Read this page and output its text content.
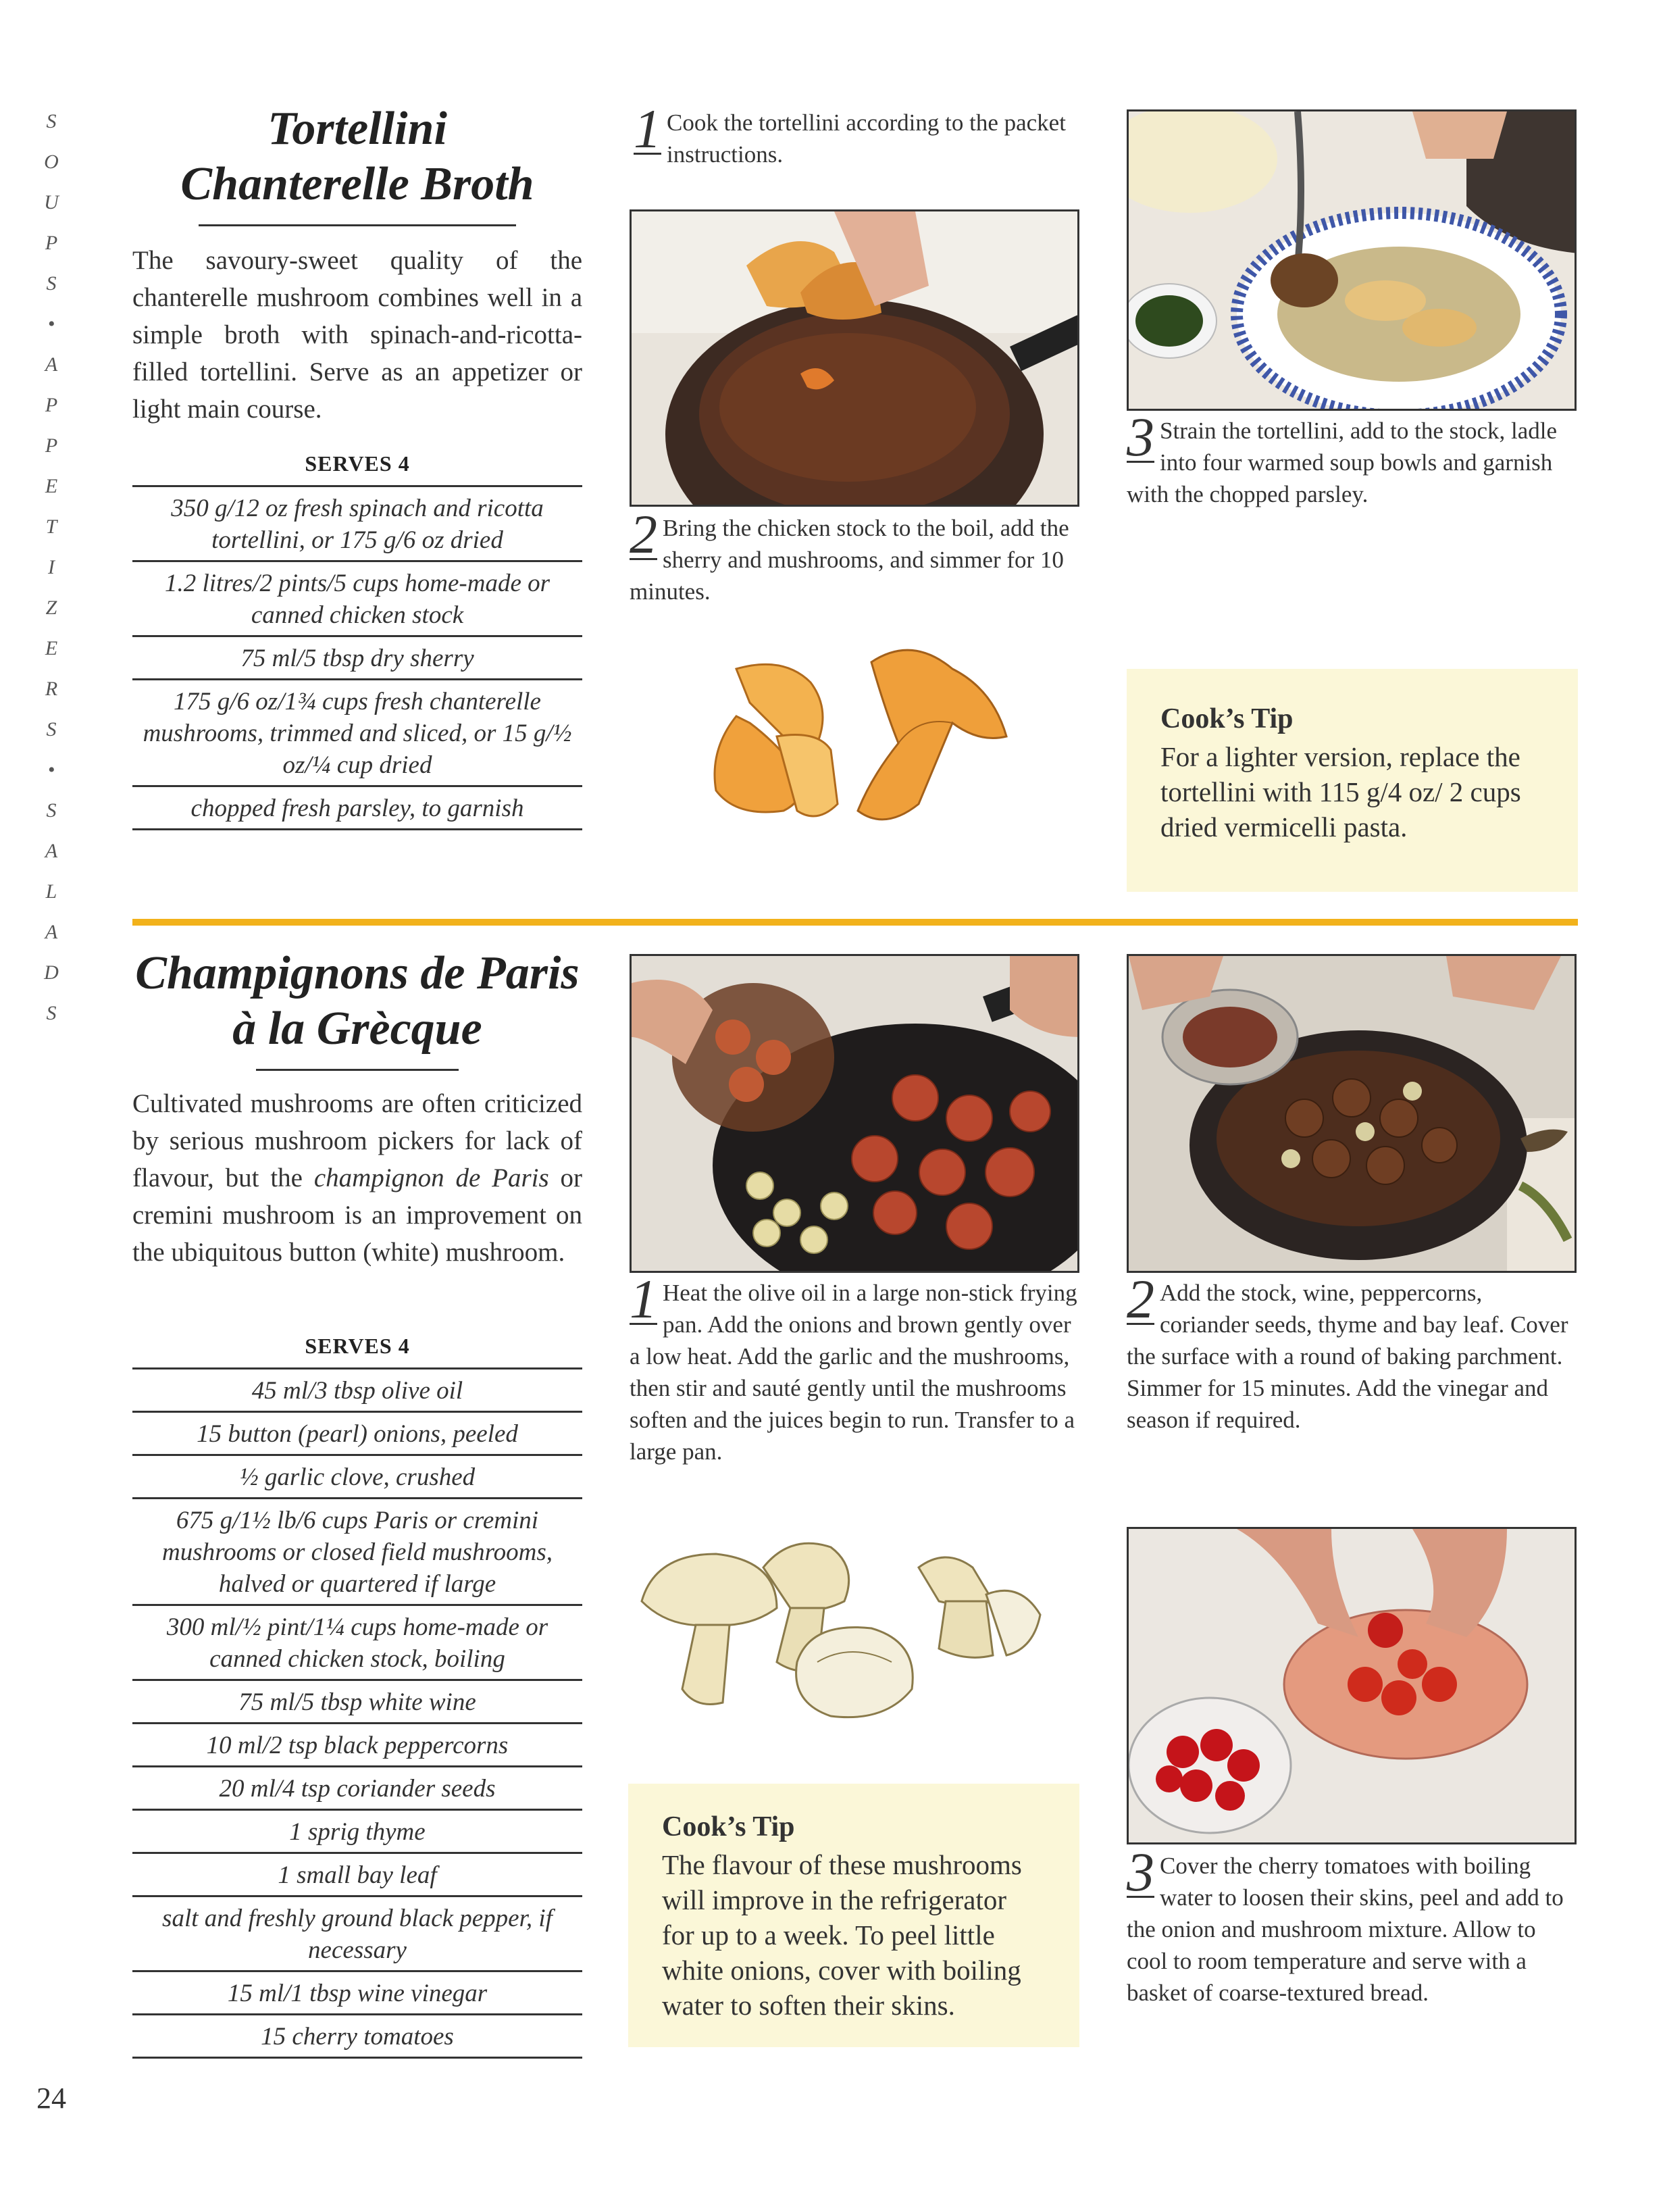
S
O
U
P
S
•
A
P
P
E
T
I
Z
E
R
S
•
S
A
L
A
D
S
Tortellini
Chanterelle Broth

The savoury-sweet quality of the chanterelle mushroom combines well in a simple broth with spinach-and-ricotta-filled tortellini. Serve as an appetizer or light main course.

SERVES 4
350 g/12 oz fresh spinach and ricotta tortellini, or 175 g/6 oz dried
1.2 litres/2 pints/5 cups home-made or canned chicken stock
75 ml/5 tbsp dry sherry
175 g/6 oz/1¾ cups fresh chanterelle mushrooms, trimmed and sliced, or 15 g/½ oz/¼ cup dried
chopped fresh parsley, to garnish
1 Cook the tortellini according to the packet instructions.
2 Bring the chicken stock to the boil, add the sherry and mushrooms, and simmer for 10 minutes.
3 Strain the tortellini, add to the stock, ladle into four warmed soup bowls and garnish with the chopped parsley.
Cook’s Tip

For a lighter version, replace the tortellini with 115 g/4 oz/ 2 cups dried vermicelli pasta.

Champignons de Paris
à la Grècque

Cultivated mushrooms are often criticized by serious mushroom pickers for lack of flavour, but the champignon de Paris or cremini mushroom is an improvement on the ubiquitous button (white) mushroom.

SERVES 4
45 ml/3 tbsp olive oil
15 button (pearl) onions, peeled
½ garlic clove, crushed
675 g/1½ lb/6 cups Paris or cremini mushrooms or closed field mushrooms, halved or quartered if large
300 ml/½ pint/1¼ cups home-made or canned chicken stock, boiling
75 ml/5 tbsp white wine
10 ml/2 tsp black peppercorns
20 ml/4 tsp coriander seeds
1 sprig thyme
1 small bay leaf
salt and freshly ground black pepper, if necessary
15 ml/1 tbsp wine vinegar
15 cherry tomatoes
1 Heat the olive oil in a large non-stick frying pan. Add the onions and brown gently over a low heat. Add the garlic and the mushrooms, then stir and sauté gently until the mushrooms soften and the juices begin to run. Transfer to a large pan.
Cook’s Tip

The flavour of these mushrooms will improve in the refrigerator for up to a week. To peel little white onions, cover with boiling water to soften their skins.

2 Add the stock, wine, peppercorns, coriander seeds, thyme and bay leaf. Cover the surface with a round of baking parchment. Simmer for 15 minutes. Add the vinegar and season if required.
3 Cover the cherry tomatoes with boiling water to loosen their skins, peel and add to the onion and mushroom mixture. Allow to cool to room temperature and serve with a basket of coarse-textured bread.
24
